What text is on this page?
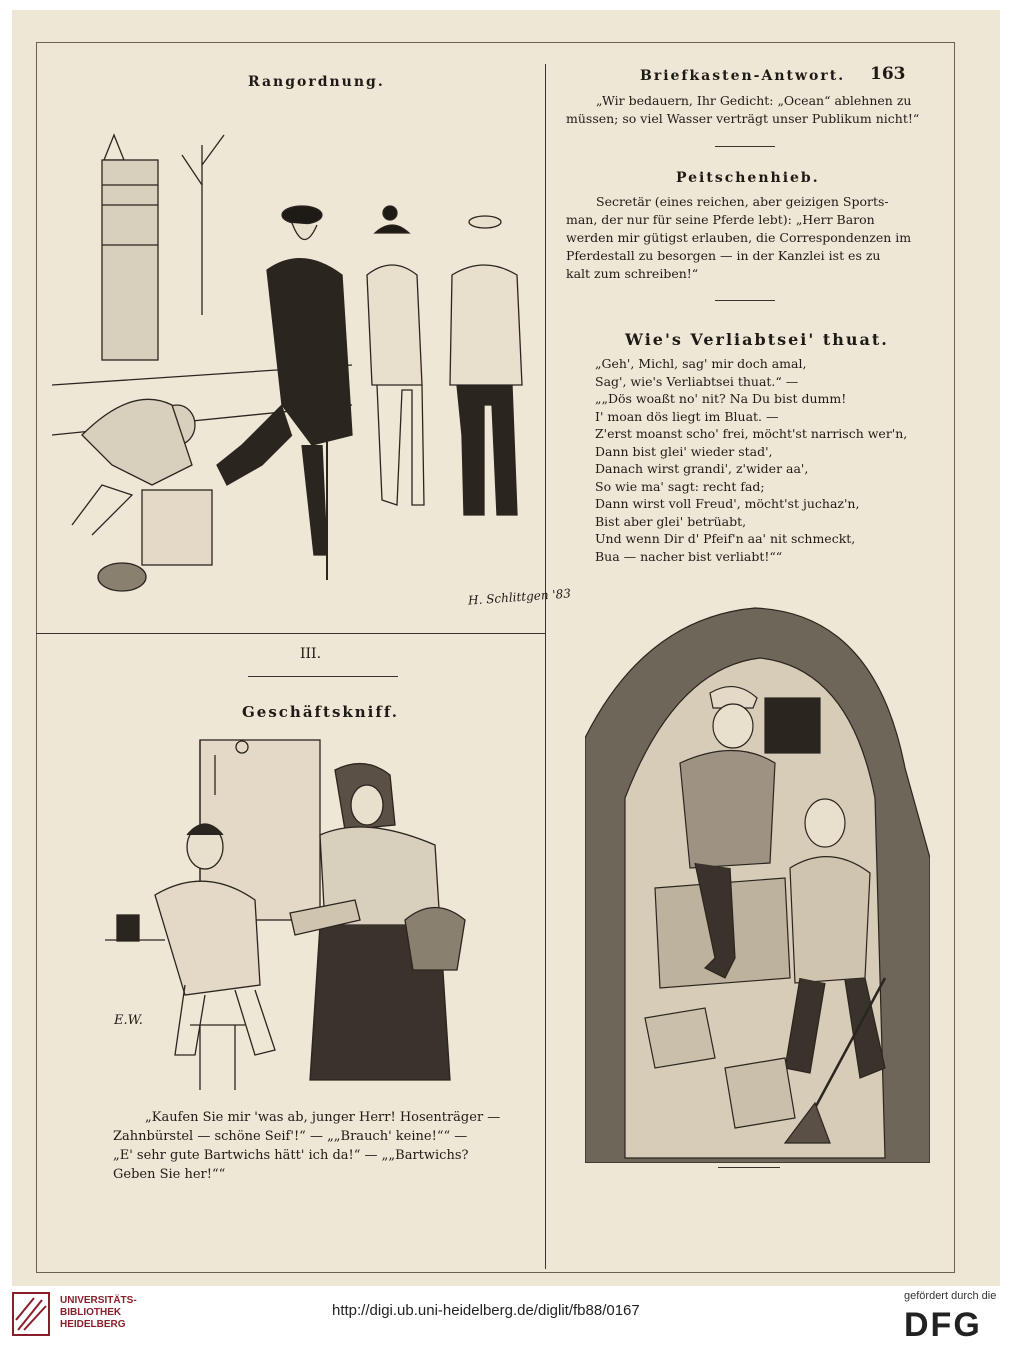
163
Rangordnung.
H. Schlittgen '83
III.
Geschäftskniff.
E.W.

„Kaufen Sie mir 'was ab, junger Herr! Hosenträger —

Zahnbürstel — schöne Seif'!“ — „„Brauch' keine!““ —

„E' sehr gute Bartwichs hätt' ich da!“ — „„Bartwichs?

Geben Sie her!““

Briefkasten-Antwort.

„Wir bedauern, Ihr Gedicht: „Ocean“ ablehnen zu

müssen; so viel Wasser verträgt unser Publikum nicht!“

Peitschenhieb.

Secretär (eines reichen, aber geizigen Sports-

man, der nur für seine Pferde lebt): „Herr Baron

werden mir gütigst erlauben, die Correspondenzen im

Pferdestall zu besorgen — in der Kanzlei ist es zu

kalt zum schreiben!“

Wie's Verliabtsei' thuat.
„Geh', Michl, sag' mir doch amal,
Sag', wie's Verliabtsei thuat.“ —
„„Dös woaßt no' nit? Na Du bist dumm!
I' moan dös liegt im Bluat. —
Z'erst moanst scho' frei, möcht'st narrisch wer'n,
Dann bist glei' wieder stad',
Danach wirst grandi', z'wider aa',
So wie ma' sagt: recht fad;
Dann wirst voll Freud', möcht'st juchaz'n,
Bist aber glei' betrüabt,
Und wenn Dir d' Pfeif'n aa' nit schmeckt,
Bua — nacher bist verliabt!““
UNIVERSITÄTS-
BIBLIOTHEK
HEIDELBERG
http://digi.ub.uni-heidelberg.de/diglit/fb88/0167
gefördert durch die
DFG
